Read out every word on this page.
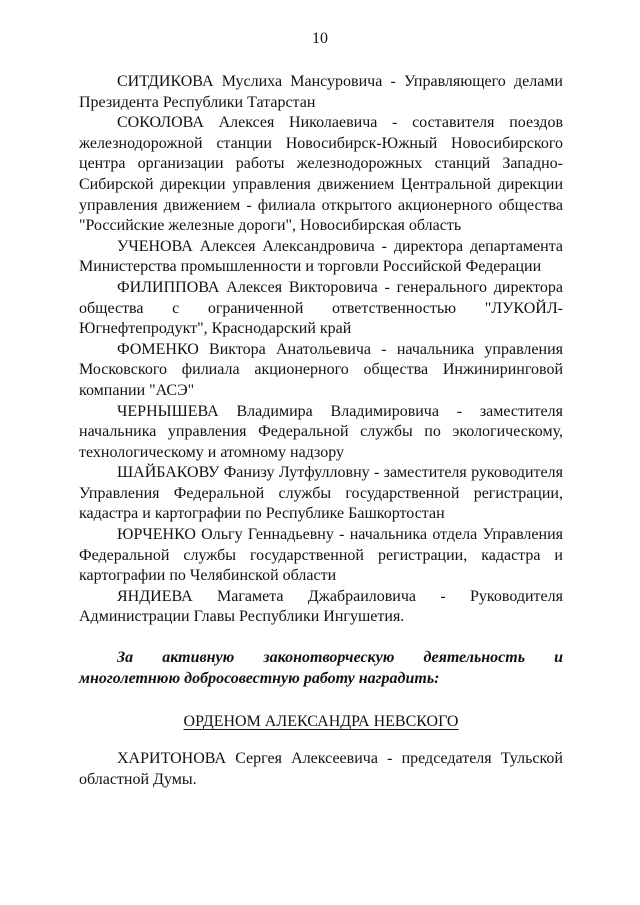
10

СИТДИКОВА Муслиха Мансуровича - Управляющего делами Президента Республики Татарстан

СОКОЛОВА Алексея Николаевича - составителя поездов железнодорожной станции Новосибирск-Южный Новосибирского центра организации работы железнодорожных станций Западно-Сибирской дирекции управления движением Центральной дирекции управления движением - филиала открытого акционерного общества "Российские железные дороги", Новосибирская область

УЧЕНОВА Алексея Александровича - директора департамента Министерства промышленности и торговли Российской Федерации

ФИЛИППОВА Алексея Викторовича - генерального директора общества с ограниченной ответственностью "ЛУКОЙЛ-Югнефтепродукт", Краснодарский край

ФОМЕНКО Виктора Анатольевича - начальника управления Московского филиала акционерного общества Инжиниринговой компании "АСЭ"

ЧЕРНЫШЕВА Владимира Владимировича - заместителя начальника управления Федеральной службы по экологическому, технологическому и атомному надзору

ШАЙБАКОВУ Фанизу Лутфулловну - заместителя руководителя Управления Федеральной службы государственной регистрации, кадастра и картографии по Республике Башкортостан

ЮРЧЕНКО Ольгу Геннадьевну - начальника отдела Управления Федеральной службы государственной регистрации, кадастра и картографии по Челябинской области

ЯНДИЕВА Магамета Джабраиловича - Руководителя Администрации Главы Республики Ингушетия.

За активную законотворческую деятельность и многолетнюю добросовестную работу наградить:

ОРДЕНОМ АЛЕКСАНДРА НЕВСКОГО

ХАРИТОНОВА Сергея Алексеевича - председателя Тульской областной Думы.
